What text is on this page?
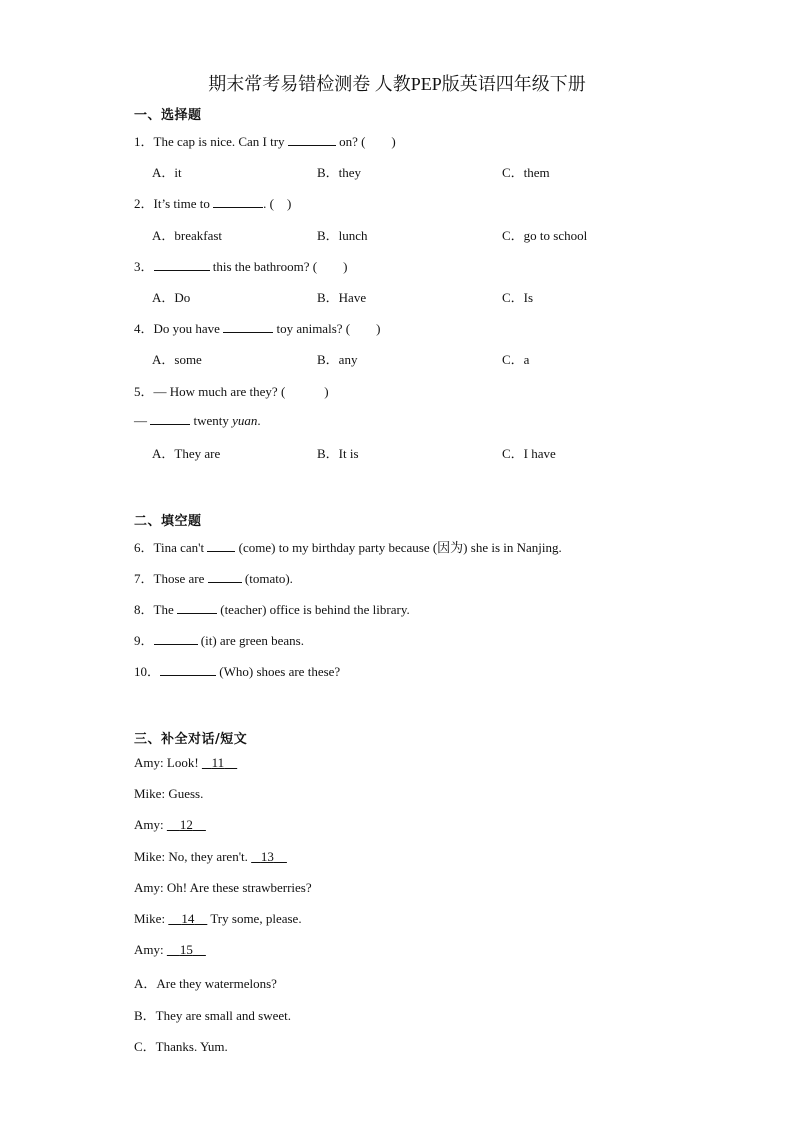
期末常考易错检测卷 人教PEP版英语四年级下册
一、选择题
1．The cap is nice. Can I try	on? (　　)
A．it	B．they	C．them
2．It’s time to	. (　)
A．breakfast	B．lunch	C．go to school
3．	this the bathroom? (　　)
A．Do	B．Have	C．Is
4．Do you have	toy animals? (　　)
A．some	B．any	C．a
5．— How much are they? (　　　)
—	twenty yuan.
A．They are	B．It is	C．I have
二、填空题
6．Tina can't  (come) to my birthday party because (因为) she is in Nanjing.
7．Those are	(tomato).
8．The	(teacher) office is behind the library.
9．	(it) are green beans.
10．	(Who) shoes are these?
三、补全对话/短文
Amy: Look!    11
Mike: Guess.
Amy: 12
Mike: No, they aren't.    13
Amy: Oh! Are these strawberries?
Mike: 14     Try some, please.
Amy: 15
A．Are they watermelons?
B．They are small and sweet.
C．Thanks. Yum.
